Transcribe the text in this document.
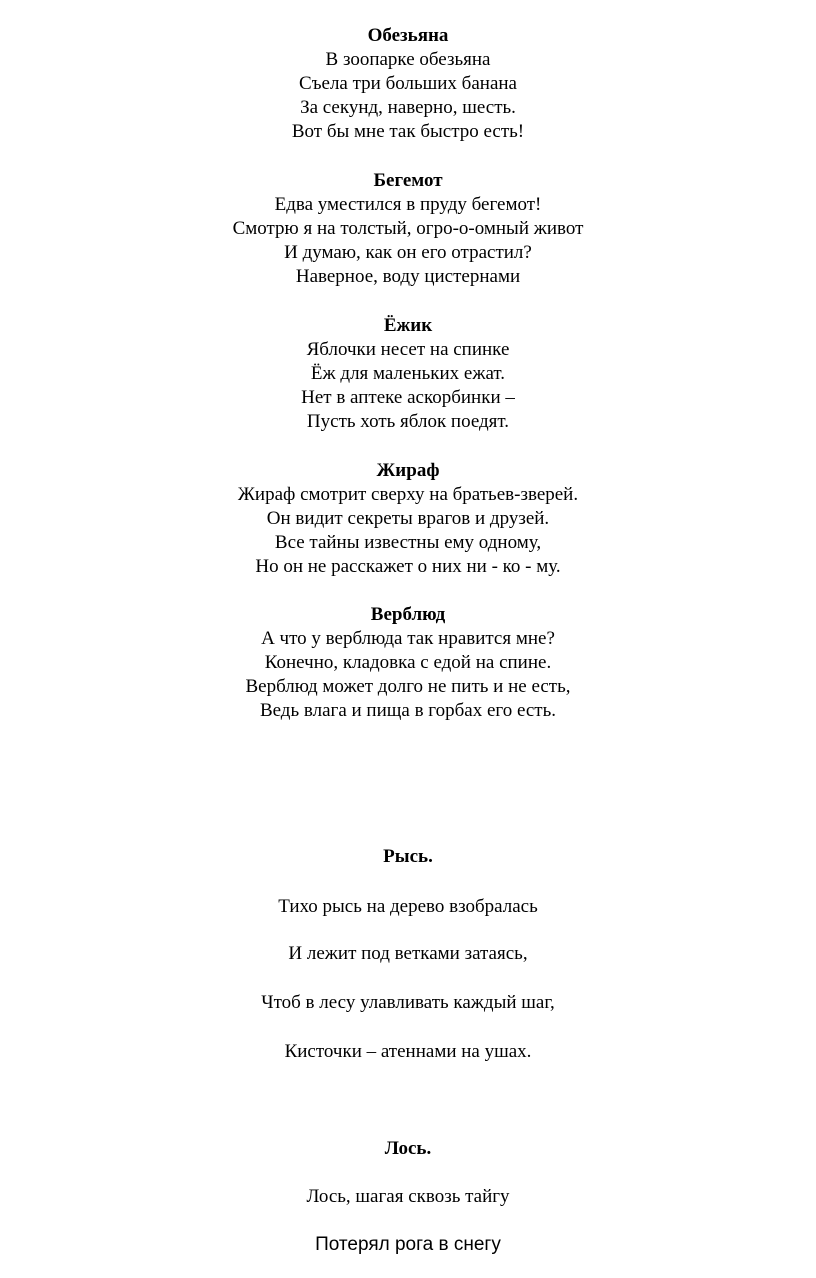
Обезьяна
В зоопарке обезьяна
Съела три больших банана
За секунд, наверно, шесть.
Вот бы мне так быстро есть!
Бегемот
Едва уместился в пруду бегемот!
Смотрю я на толстый, огро-о-омный живот
И думаю, как он его отрастил?
Наверное, воду цистернами
Ёжик
Яблочки несет на спинке
Ёж для маленьких ежат.
Нет в аптеке аскорбинки –
Пусть хоть яблок поедят.
Жираф
Жираф смотрит сверху на братьев-зверей.
Он видит секреты врагов и друзей.
Все тайны известны ему одному,
Но он не расскажет о них ни - ко - му.
Верблюд
А что у верблюда так нравится мне?
Конечно, кладовка с едой на спине.
Верблюд может долго не пить и не есть,
Ведь влага и пища в горбах его есть.
Рысь.
Тихо рысь на дерево взобралась
И лежит под ветками затаясь,
Чтоб в лесу улавливать каждый шаг,
Кисточки – атеннами на ушах.
Лось.
Лось, шагая сквозь тайгу
Потерял рога в снегу
